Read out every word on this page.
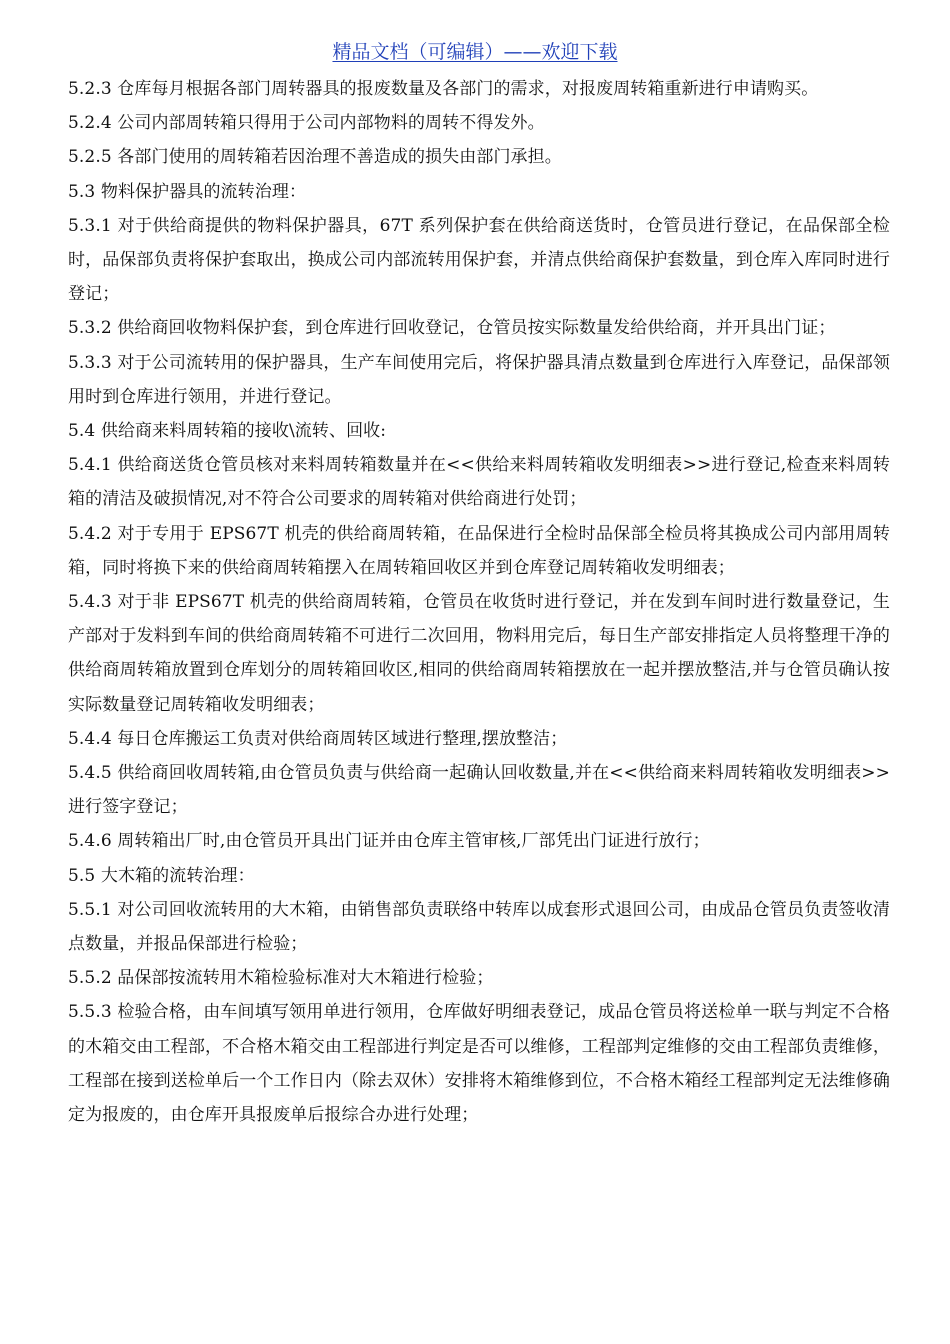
精品文档（可编辑）——欢迎下载

5.2.3 仓库每月根据各部门周转器具的报废数量及各部门的需求，对报废周转箱重新进行申请购买。

5.2.4 公司内部周转箱只得用于公司内部物料的周转不得发外。

5.2.5 各部门使用的周转箱若因治理不善造成的损失由部门承担。

5.3 物料保护器具的流转治理：

5.3.1 对于供给商提供的物料保护器具，67T 系列保护套在供给商送货时，仓管员进行登记，在品保部全检时，品保部负责将保护套取出，换成公司内部流转用保护套，并清点供给商保护套数量，到仓库入库同时进行登记；

5.3.2 供给商回收物料保护套，到仓库进行回收登记，仓管员按实际数量发给供给商，并开具出门证；

5.3.3 对于公司流转用的保护器具，生产车间使用完后，将保护器具清点数量到仓库进行入库登记，品保部领用时到仓库进行领用，并进行登记。

5.4 供给商来料周转箱的接收\流转、回收:

5.4.1 供给商送货仓管员核对来料周转箱数量并在<<供给来料周转箱收发明细表>>进行登记,检查来料周转箱的清洁及破损情况,对不符合公司要求的周转箱对供给商进行处罚；

5.4.2 对于专用于 EPS67T 机壳的供给商周转箱，在品保进行全检时品保部全检员将其换成公司内部用周转箱，同时将换下来的供给商周转箱摆入在周转箱回收区并到仓库登记周转箱收发明细表；

5.4.3 对于非 EPS67T 机壳的供给商周转箱，仓管员在收货时进行登记，并在发到车间时进行数量登记，生产部对于发料到车间的供给商周转箱不可进行二次回用，物料用完后，每日生产部安排指定人员将整理干净的供给商周转箱放置到仓库划分的周转箱回收区,相同的供给商周转箱摆放在一起并摆放整洁,并与仓管员确认按实际数量登记周转箱收发明细表；

5.4.4 每日仓库搬运工负责对供给商周转区域进行整理,摆放整洁；

5.4.5 供给商回收周转箱,由仓管员负责与供给商一起确认回收数量,并在<<供给商来料周转箱收发明细表>>进行签字登记；

5.4.6 周转箱出厂时,由仓管员开具出门证并由仓库主管审核,厂部凭出门证进行放行；

5.5 大木箱的流转治理：

5.5.1 对公司回收流转用的大木箱，由销售部负责联络中转库以成套形式退回公司，由成品仓管员负责签收清点数量，并报品保部进行检验；

5.5.2 品保部按流转用木箱检验标准对大木箱进行检验；

5.5.3 检验合格，由车间填写领用单进行领用，仓库做好明细表登记，成品仓管员将送检单一联与判定不合格的木箱交由工程部，不合格木箱交由工程部进行判定是否可以维修，工程部判定维修的交由工程部负责维修，工程部在接到送检单后一个工作日内（除去双休）安排将木箱维修到位，不合格木箱经工程部判定无法维修确定为报废的，由仓库开具报废单后报综合办进行处理；
